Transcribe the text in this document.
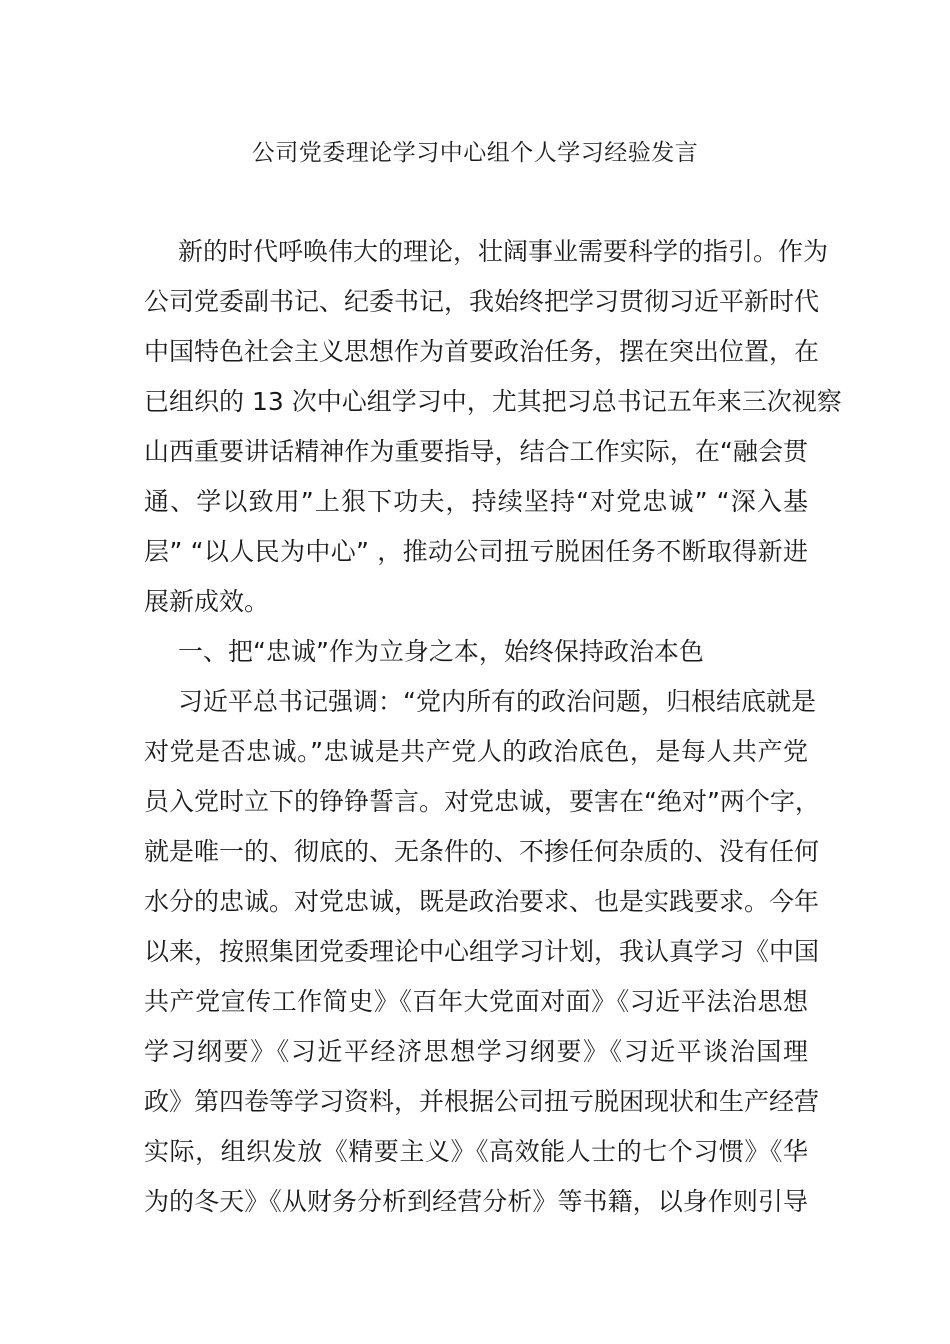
公司党委理论学习中心组个人学习经验发言
新的时代呼唤伟大的理论，壮阔事业需要科学的指引。作为
公司党委副书记、纪委书记，我始终把学习贯彻习近平新时代
中国特色社会主义思想作为首要政治任务，摆在突出位置，在
已组织的 13 次中心组学习中，尤其把习总书记五年来三次视察
山西重要讲话精神作为重要指导，结合工作实际，在“融会贯
通、学以致用”上狠下功夫，持续坚持“对党忠诚” “深入基
层” “以人民为中心” ，推动公司扭亏脱困任务不断取得新进
展新成效。
一、把“忠诚”作为立身之本，始终保持政治本色
习近平总书记强调：“党内所有的政治问题，归根结底就是
对党是否忠诚。”忠诚是共产党人的政治底色，是每人共产党
员入党时立下的铮铮誓言。对党忠诚，要害在“绝对”两个字，
就是唯一的、彻底的、无条件的、不掺任何杂质的、没有任何
水分的忠诚。对党忠诚，既是政治要求、也是实践要求。今年
以来，按照集团党委理论中心组学习计划，我认真学习《中国
共产党宣传工作简史》《百年大党面对面》《习近平法治思想
学习纲要》《习近平经济思想学习纲要》《习近平谈治国理
政》第四卷等学习资料，并根据公司扭亏脱困现状和生产经营
实际，组织发放《精要主义》《高效能人士的七个习惯》《华
为的冬天》《从财务分析到经营分析》等书籍，以身作则引导
